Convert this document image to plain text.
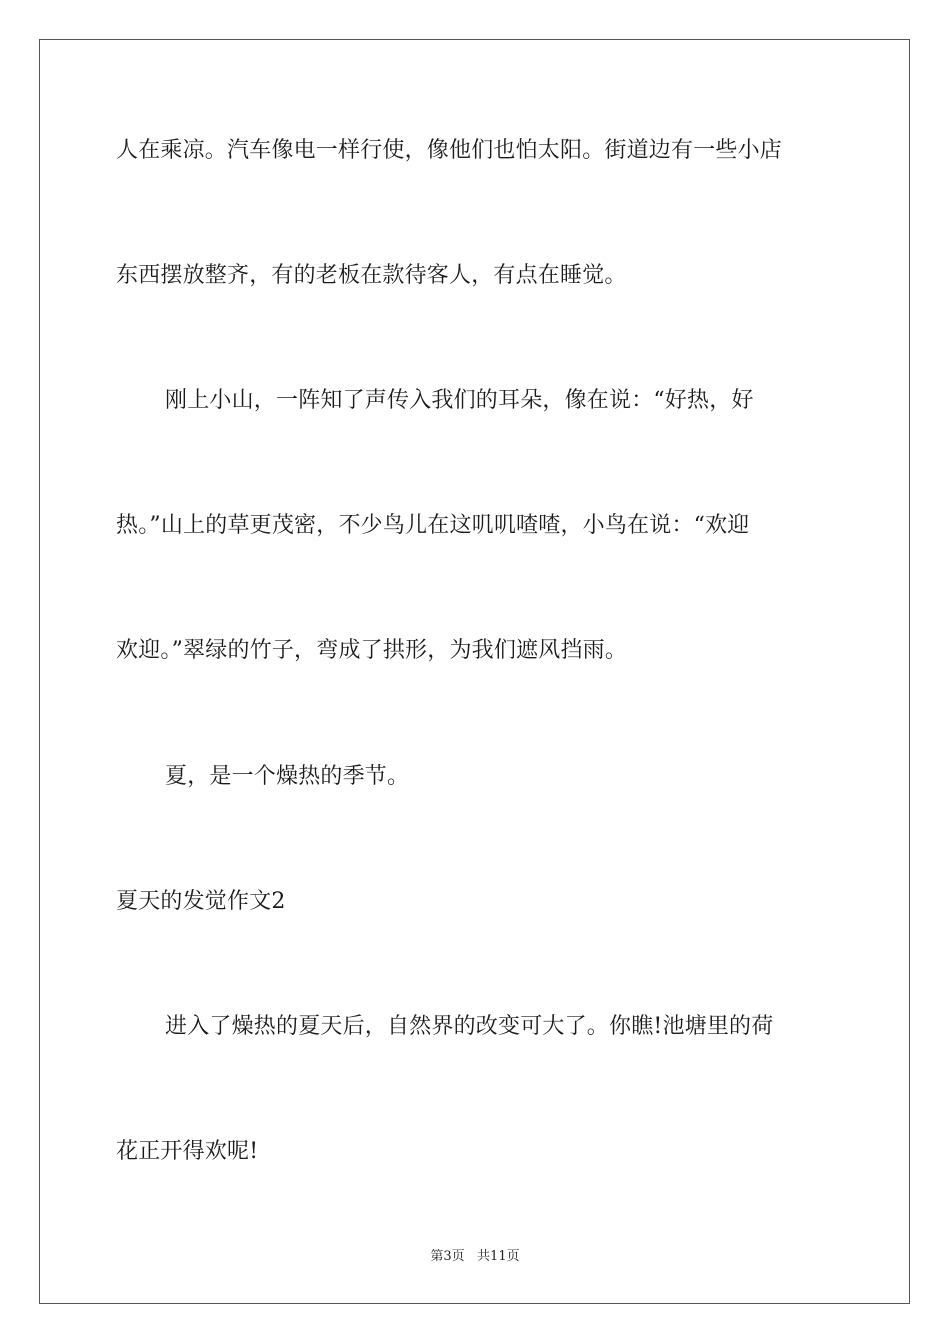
人在乘凉。汽车像电一样行使，像他们也怕太阳。街道边有一些小店
东西摆放整齐，有的老板在款待客人，有点在睡觉。
刚上小山，一阵知了声传入我们的耳朵，像在说：“好热，好
热。”山上的草更茂密，不少鸟儿在这叽叽喳喳，小鸟在说：“欢迎
欢迎。”翠绿的竹子，弯成了拱形，为我们遮风挡雨。
夏，是一个燥热的季节。
夏天的发觉作文2
进入了燥热的夏天后，自然界的改变可大了。你瞧!池塘里的荷
花正开得欢呢!
第3页   共11页
